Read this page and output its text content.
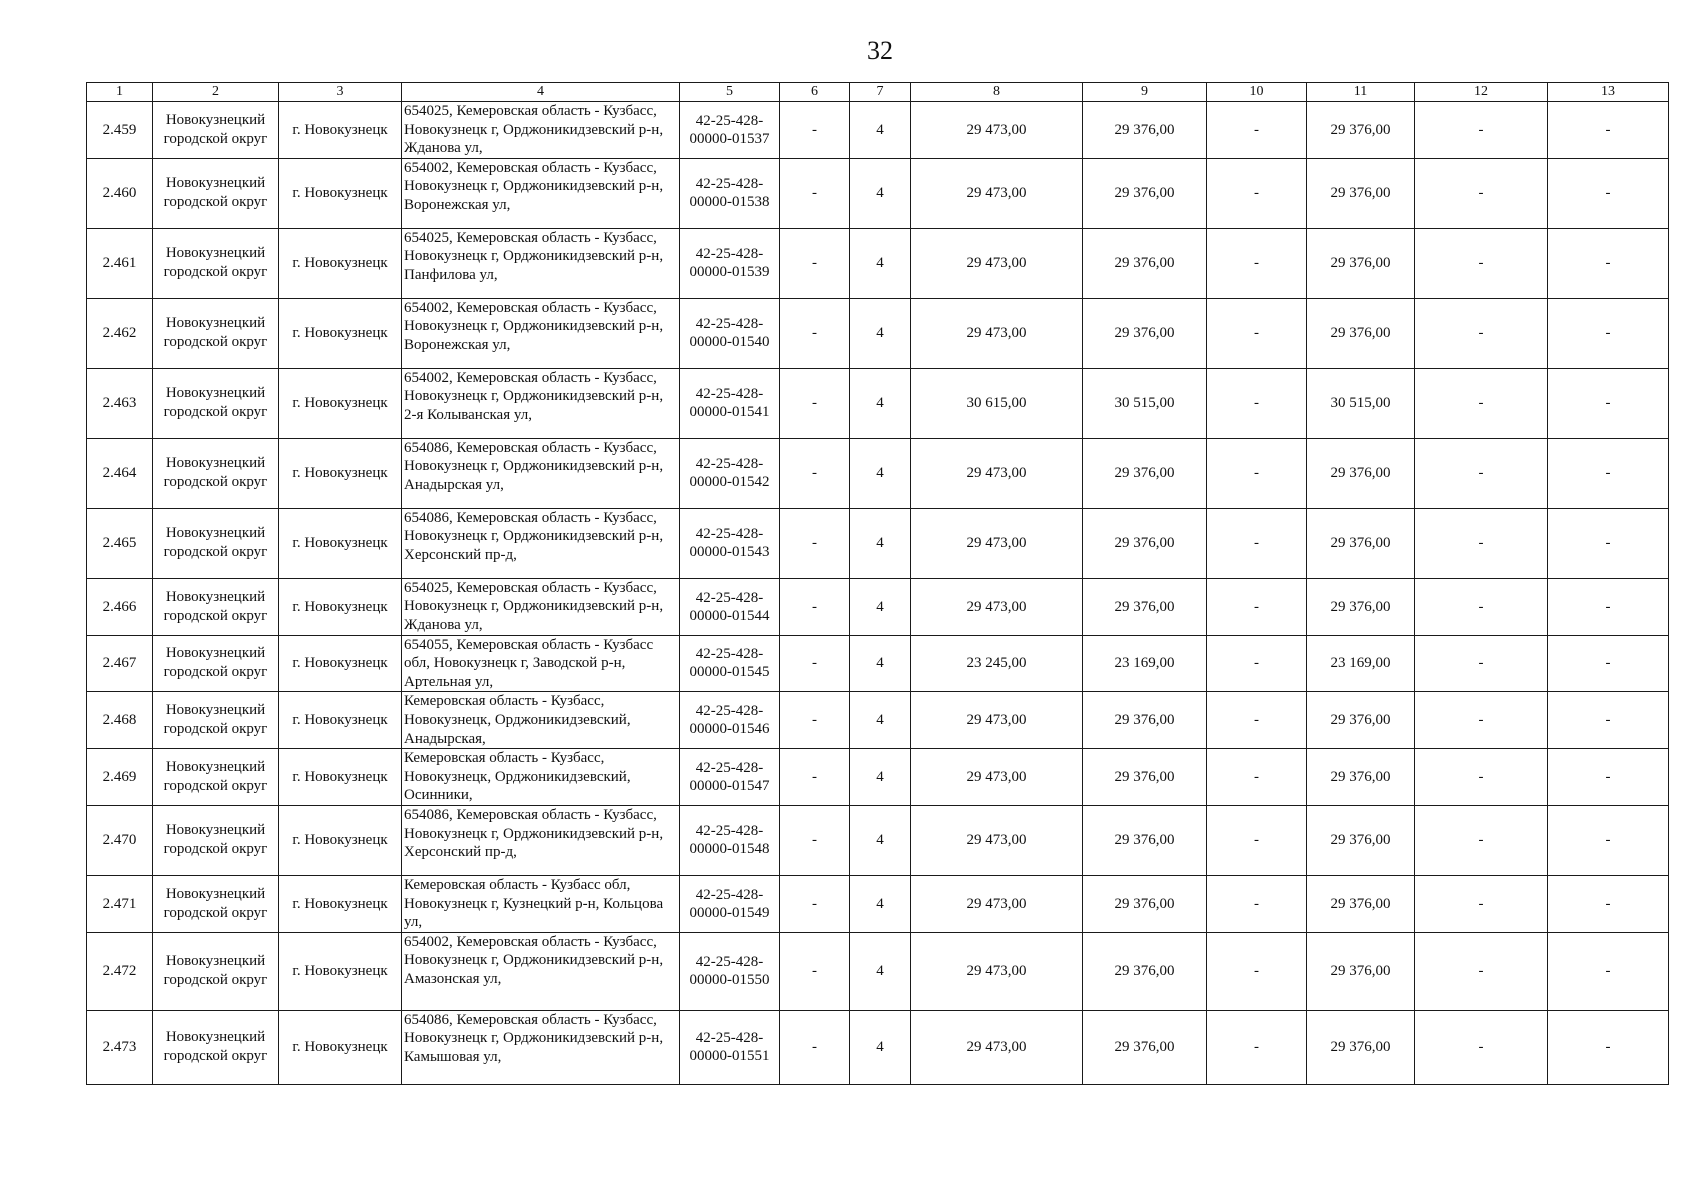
32
1	2	3	4	5	6	7	8	9	10	11	12	13
2.459	Новокузнецкий городской округ	г. Новокузнецк	654025, Кемеровская область - Кузбасс, Новокузнецк г, Орджоникидзевский р-н, Жданова ул,	42-25-428-00000-01537	-	4	29 473,00	29 376,00	-	29 376,00	-	-
2.460	Новокузнецкий городской округ	г. Новокузнецк	654002, Кемеровская область - Кузбасс, Новокузнецк г, Орджоникидзевский р-н, Воронежская ул,	42-25-428-00000-01538	-	4	29 473,00	29 376,00	-	29 376,00	-	-
2.461	Новокузнецкий городской округ	г. Новокузнецк	654025, Кемеровская область - Кузбасс, Новокузнецк г, Орджоникидзевский р-н, Панфилова ул,	42-25-428-00000-01539	-	4	29 473,00	29 376,00	-	29 376,00	-	-
2.462	Новокузнецкий городской округ	г. Новокузнецк	654002, Кемеровская область - Кузбасс, Новокузнецк г, Орджоникидзевский р-н, Воронежская ул,	42-25-428-00000-01540	-	4	29 473,00	29 376,00	-	29 376,00	-	-
2.463	Новокузнецкий городской округ	г. Новокузнецк	654002, Кемеровская область - Кузбасс, Новокузнецк г, Орджоникидзевский р-н, 2-я Колыванская ул,	42-25-428-00000-01541	-	4	30 615,00	30 515,00	-	30 515,00	-	-
2.464	Новокузнецкий городской округ	г. Новокузнецк	654086, Кемеровская область - Кузбасс, Новокузнецк г, Орджоникидзевский р-н, Анадырская ул,	42-25-428-00000-01542	-	4	29 473,00	29 376,00	-	29 376,00	-	-
2.465	Новокузнецкий городской округ	г. Новокузнецк	654086, Кемеровская область - Кузбасс, Новокузнецк г, Орджоникидзевский р-н, Херсонский пр-д,	42-25-428-00000-01543	-	4	29 473,00	29 376,00	-	29 376,00	-	-
2.466	Новокузнецкий городской округ	г. Новокузнецк	654025, Кемеровская область - Кузбасс, Новокузнецк г, Орджоникидзевский р-н, Жданова ул,	42-25-428-00000-01544	-	4	29 473,00	29 376,00	-	29 376,00	-	-
2.467	Новокузнецкий городской округ	г. Новокузнецк	654055, Кемеровская область - Кузбасс обл, Новокузнецк г, Заводской р-н, Артельная ул,	42-25-428-00000-01545	-	4	23 245,00	23 169,00	-	23 169,00	-	-
2.468	Новокузнецкий городской округ	г. Новокузнецк	Кемеровская область - Кузбасс, Новокузнецк, Орджоникидзевский, Анадырская,	42-25-428-00000-01546	-	4	29 473,00	29 376,00	-	29 376,00	-	-
2.469	Новокузнецкий городской округ	г. Новокузнецк	Кемеровская область - Кузбасс, Новокузнецк, Орджоникидзевский, Осинники,	42-25-428-00000-01547	-	4	29 473,00	29 376,00	-	29 376,00	-	-
2.470	Новокузнецкий городской округ	г. Новокузнецк	654086, Кемеровская область - Кузбасс, Новокузнецк г, Орджоникидзевский р-н, Херсонский пр-д,	42-25-428-00000-01548	-	4	29 473,00	29 376,00	-	29 376,00	-	-
2.471	Новокузнецкий городской округ	г. Новокузнецк	Кемеровская область - Кузбасс обл, Новокузнецк г, Кузнецкий р-н, Кольцова ул,	42-25-428-00000-01549	-	4	29 473,00	29 376,00	-	29 376,00	-	-
2.472	Новокузнецкий городской округ	г. Новокузнецк	654002, Кемеровская область - Кузбасс, Новокузнецк г, Орджоникидзевский р-н, Амазонская ул,	42-25-428-00000-01550	-	4	29 473,00	29 376,00	-	29 376,00	-	-
2.473	Новокузнецкий городской округ	г. Новокузнецк	654086, Кемеровская область - Кузбасс, Новокузнецк г, Орджоникидзевский р-н, Камышовая ул,	42-25-428-00000-01551	-	4	29 473,00	29 376,00	-	29 376,00	-	-
